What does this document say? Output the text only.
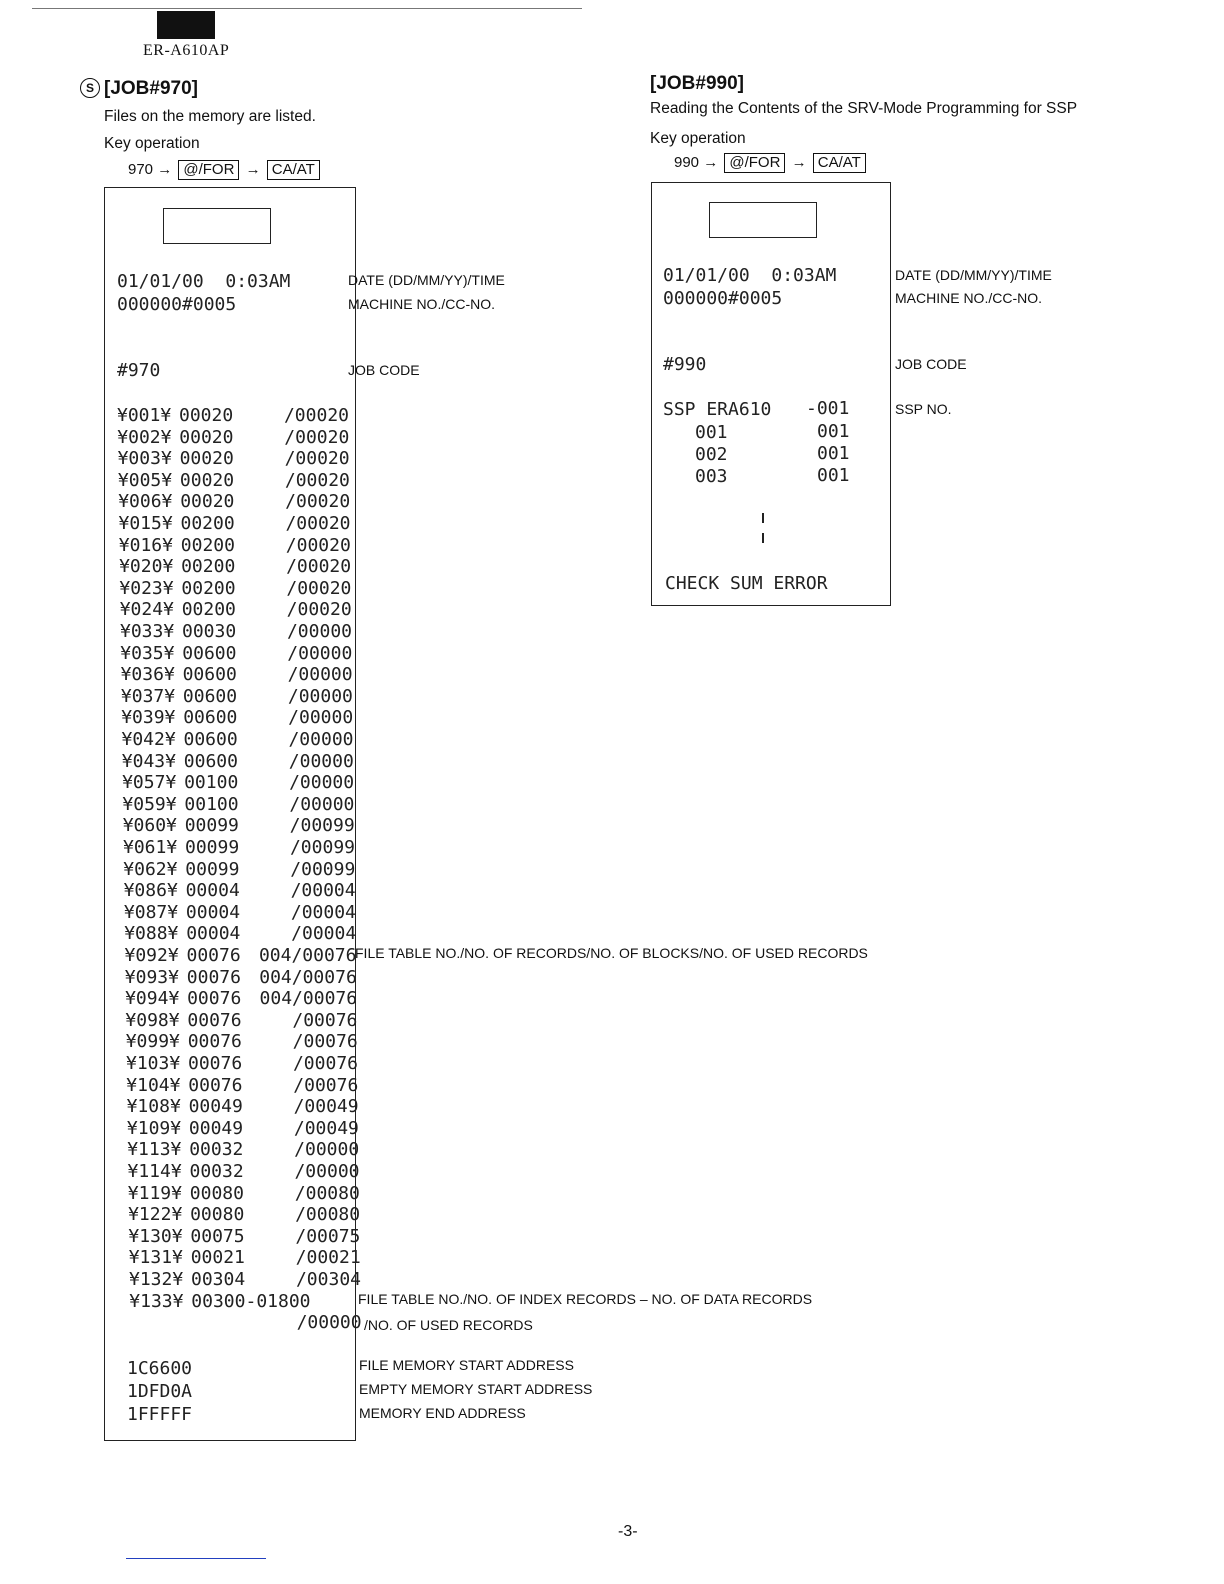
ER-A610AP
S [JOB#970]
Files on the memory are listed.
Key operation
970 → @/FOR → CA/AT
01/01/00  0:03AM
000000#0005
#970
¥001¥ 00020	/00020
¥002¥ 00020	/00020
¥003¥ 00020	/00020
¥005¥ 00020	/00020
¥006¥ 00020	/00020
¥015¥ 00200	/00020
¥016¥ 00200	/00020
¥020¥ 00200	/00020
¥023¥ 00200	/00020
¥024¥ 00200	/00020
¥033¥ 00030	/00000
¥035¥ 00600	/00000
¥036¥ 00600	/00000
¥037¥ 00600	/00000
¥039¥ 00600	/00000
¥042¥ 00600	/00000
¥043¥ 00600	/00000
¥057¥ 00100	/00000
¥059¥ 00100	/00000
¥060¥ 00099	/00099
¥061¥ 00099	/00099
¥062¥ 00099	/00099
¥086¥ 00004	/00004
¥087¥ 00004	/00004
¥088¥ 00004	/00004
¥092¥ 00076 004/00076
¥093¥ 00076 004/00076
¥094¥ 00076 004/00076
¥098¥ 00076	/00076
¥099¥ 00076	/00076
¥103¥ 00076	/00076
¥104¥ 00076	/00076
¥108¥ 00049	/00049
¥109¥ 00049	/00049
¥113¥ 00032	/00000
¥114¥ 00032	/00000
¥119¥ 00080	/00080
¥122¥ 00080	/00080
¥130¥ 00075	/00075
¥131¥ 00021	/00021
¥132¥ 00304	/00304
¥133¥ 00300-01800
/00000
1C6600
1DFD0A
1FFFFF
DATE (DD/MM/YY)/TIME
MACHINE NO./CC-NO.
JOB CODE
FILE TABLE NO./NO. OF RECORDS/NO. OF BLOCKS/NO. OF USED RECORDS
FILE TABLE NO./NO. OF INDEX RECORDS – NO. OF DATA RECORDS
/NO. OF USED RECORDS
FILE MEMORY START ADDRESS
EMPTY MEMORY START ADDRESS
MEMORY END ADDRESS
[JOB#990]
Reading the Contents of the SRV-Mode Programming for SSP
Key operation
990 → @/FOR → CA/AT
01/01/00  0:03AM
000000#0005
#990
SSP ERA610 -001
001	001
002	001
003	001
CHECK SUM ERROR
DATE (DD/MM/YY)/TIME
MACHINE NO./CC-NO.
JOB CODE
SSP NO.
-3-
